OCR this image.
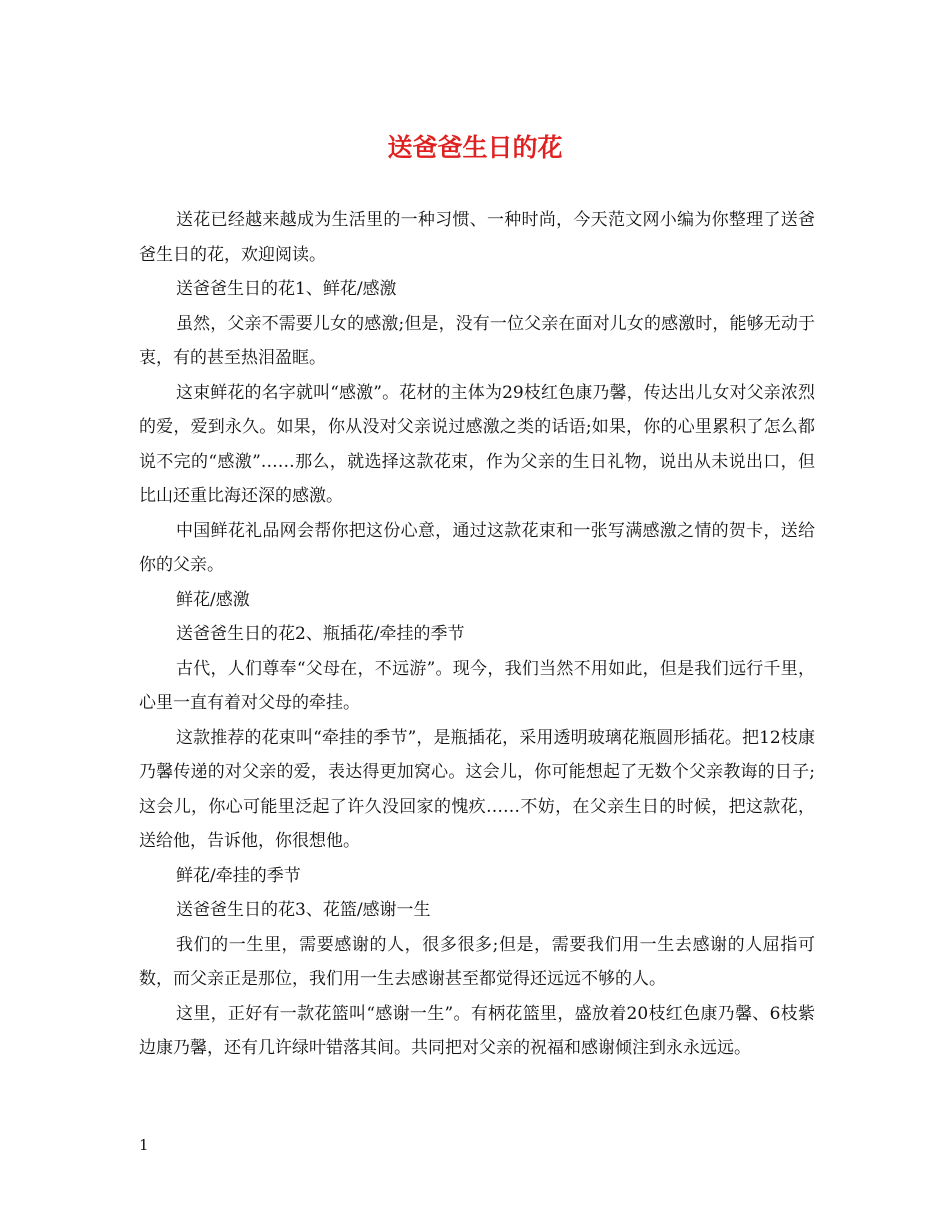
送爸爸生日的花

送花已经越来越成为生活里的一种习惯、一种时尚，今天范文网小编为你整理了送爸爸生日的花，欢迎阅读。

送爸爸生日的花1、鲜花/感激

虽然，父亲不需要儿女的感激;但是，没有一位父亲在面对儿女的感激时，能够无动于衷，有的甚至热泪盈眶。

这束鲜花的名字就叫“感激”。花材的主体为29枝红色康乃馨，传达出儿女对父亲浓烈的爱，爱到永久。如果，你从没对父亲说过感激之类的话语;如果，你的心里累积了怎么都说不完的“感激”……那么，就选择这款花束，作为父亲的生日礼物，说出从未说出口，但比山还重比海还深的感激。

中国鲜花礼品网会帮你把这份心意，通过这款花束和一张写满感激之情的贺卡，送给你的父亲。

鲜花/感激

送爸爸生日的花2、瓶插花/牵挂的季节

古代，人们尊奉“父母在，不远游”。现今，我们当然不用如此，但是我们远行千里，心里一直有着对父母的牵挂。

这款推荐的花束叫“牵挂的季节”，是瓶插花，采用透明玻璃花瓶圆形插花。把12枝康乃馨传递的对父亲的爱，表达得更加窝心。这会儿，你可能想起了无数个父亲教诲的日子;这会儿，你心可能里泛起了许久没回家的愧疚……不妨，在父亲生日的时候，把这款花，送给他，告诉他，你很想他。

鲜花/牵挂的季节

送爸爸生日的花3、花篮/感谢一生

我们的一生里，需要感谢的人，很多很多;但是，需要我们用一生去感谢的人屈指可数，而父亲正是那位，我们用一生去感谢甚至都觉得还远远不够的人。

这里，正好有一款花篮叫“感谢一生”。有柄花篮里，盛放着20枝红色康乃馨、6枝紫边康乃馨，还有几许绿叶错落其间。共同把对父亲的祝福和感谢倾注到永永远远。

1
